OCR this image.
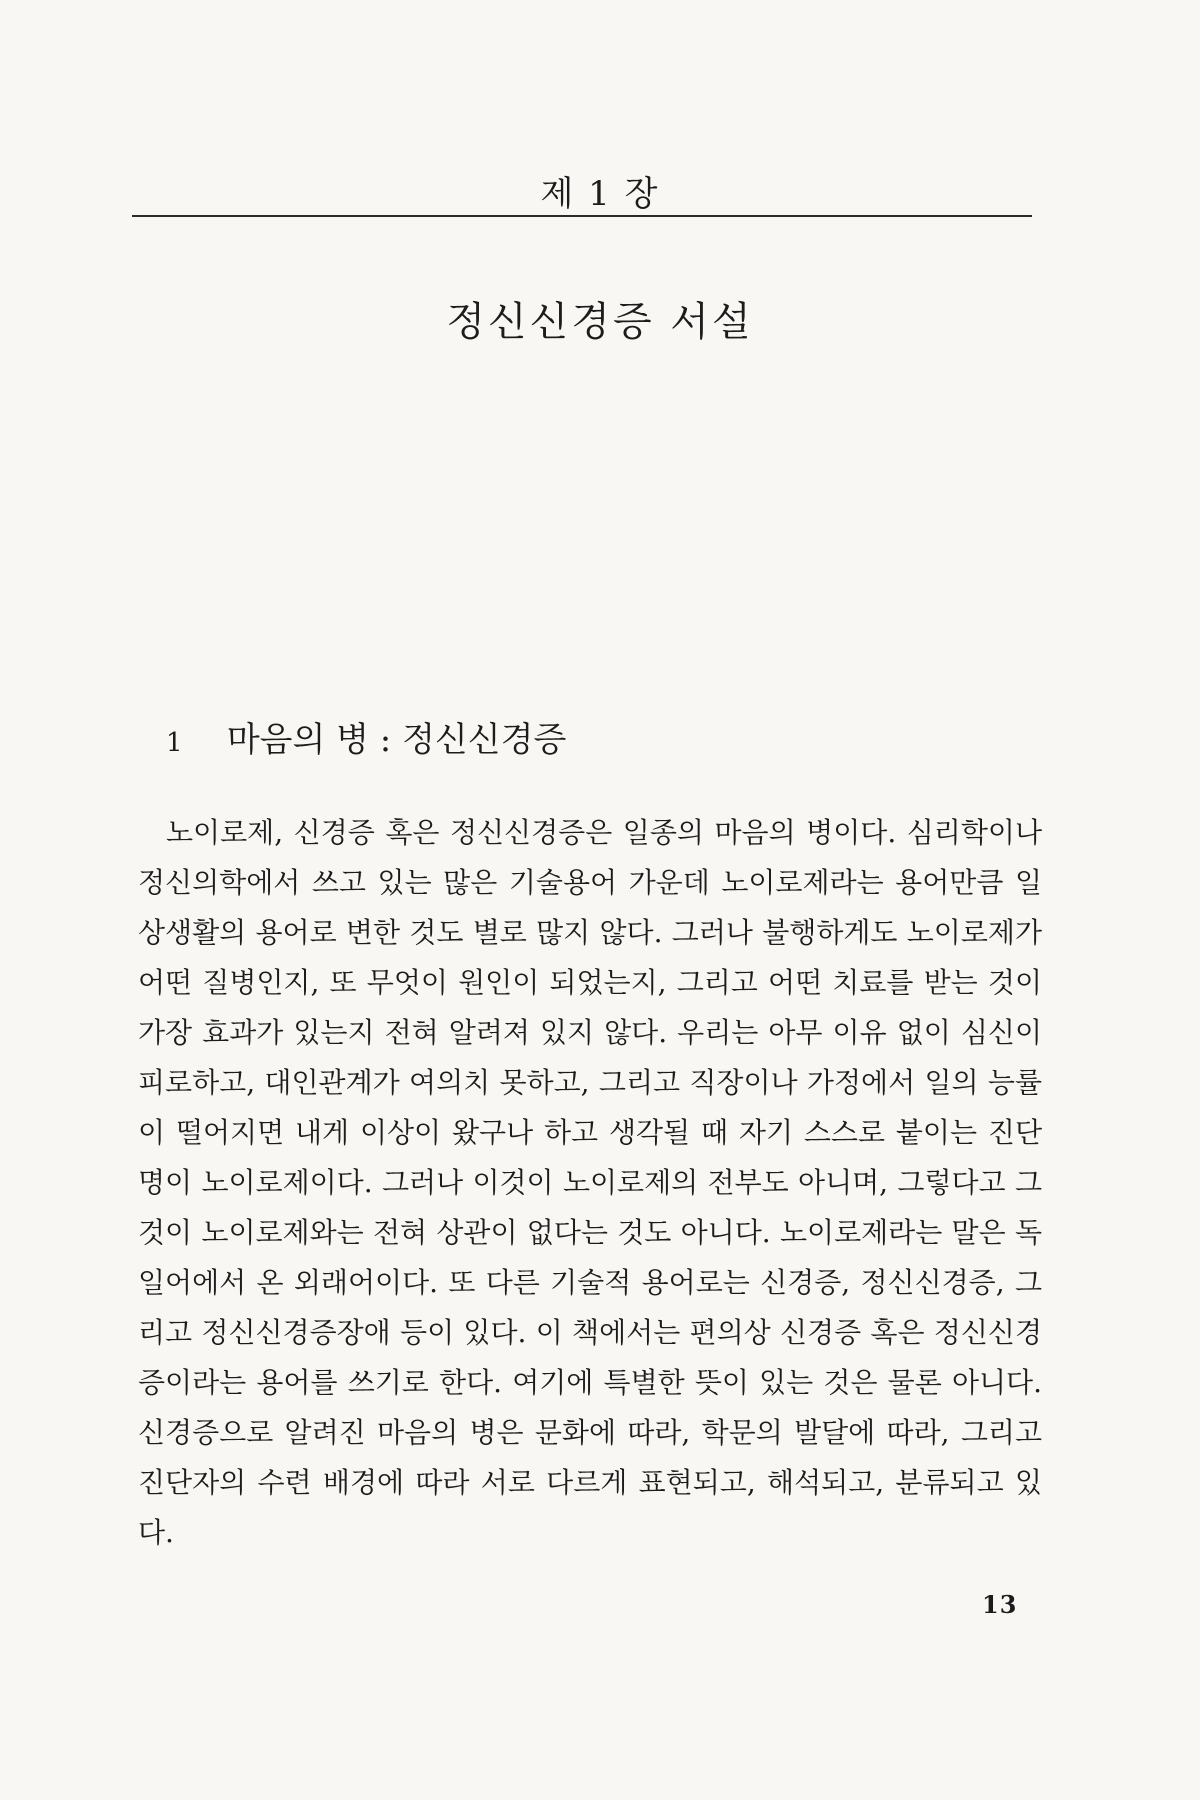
제 1 장
정신신경증 서설
1 마음의 병 : 정신신경증

노이로제, 신경증 혹은 정신신경증은 일종의 마음의 병이다. 심리학이나 정신의학에서 쓰고 있는 많은 기술용어 가운데 노이로제라는 용어만큼 일상생활의 용어로 변한 것도 별로 많지 않다. 그러나 불행하게도 노이로제가 어떤 질병인지, 또 무엇이 원인이 되었는지, 그리고 어떤 치료를 받는 것이 가장 효과가 있는지 전혀 알려져 있지 않다. 우리는 아무 이유 없이 심신이 피로하고, 대인관계가 여의치 못하고, 그리고 직장이나 가정에서 일의 능률이 떨어지면 내게 이상이 왔구나 하고 생각될 때 자기 스스로 붙이는 진단명이 노이로제이다. 그러나 이것이 노이로제의 전부도 아니며, 그렇다고 그것이 노이로제와는 전혀 상관이 없다는 것도 아니다. 노이로제라는 말은 독일어에서 온 외래어이다. 또 다른 기술적 용어로는 신경증, 정신신경증, 그리고 정신신경증장애 등이 있다. 이 책에서는 편의상 신경증 혹은 정신신경증이라는 용어를 쓰기로 한다. 여기에 특별한 뜻이 있는 것은 물론 아니다. 신경증으로 알려진 마음의 병은 문화에 따라, 학문의 발달에 따라, 그리고 진단자의 수련 배경에 따라 서로 다르게 표현되고, 해석되고, 분류되고 있다.

13
